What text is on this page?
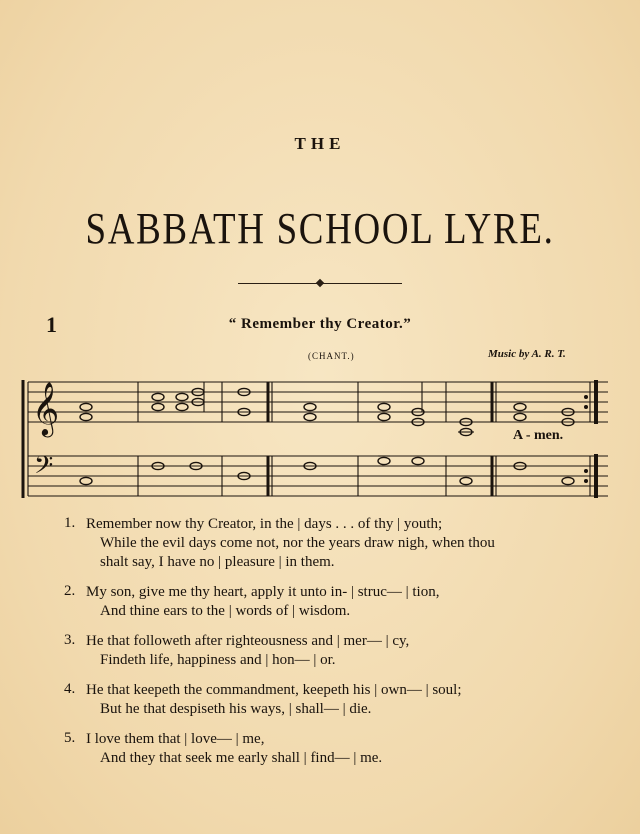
THE
SABBATH SCHOOL LYRE.
1	“ Remember thy Creator.”
(CHANT.)	Music by A. R. T.
𝄞
𝄢
A - men.
1. Remember now thy Creator, in the | days . . . of thy | youth;
While the evil days come not, nor the years draw nigh, when thou
shalt say, I have no | pleasure | in them.
2. My son, give me thy heart, apply it unto in- | struc— | tion,
And thine ears to the | words of | wisdom.
3. He that followeth after righteousness and | mer— | cy,
Findeth life, happiness and | hon— | or.
4. He that keepeth the commandment, keepeth his | own— | soul;
But he that despiseth his ways, | shall— | die.
5. I love them that | love— | me,
And they that seek me early shall | find— | me.
